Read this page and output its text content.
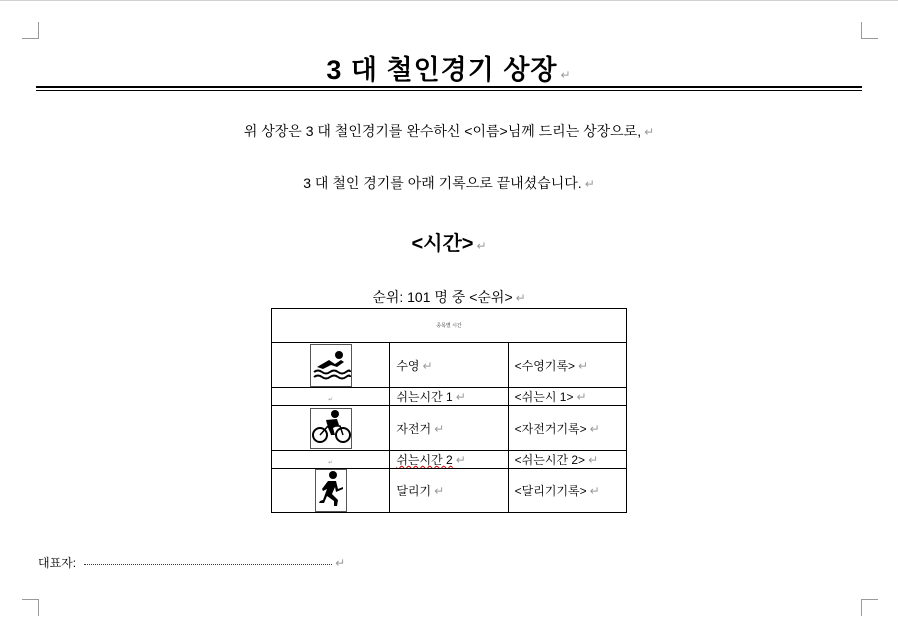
3 대 철인경기 상장 ↵
위 상장은 3 대 철인경기를 완수하신 <이름>님께 드리는 상장으로, ↵
3 대 철인 경기를 아래 기록으로 끝내셨습니다. ↵
<시간> ↵
순위: 101 명 중 <순위> ↵
종목별 시간		
	수영 ↵	<수영기록> ↵
↵	쉬는시간 1 ↵	<쉬는시 1> ↵
	자전거 ↵	<자전거기록> ↵
↵	쉬는시간 2 ↵	<쉬는시간 2> ↵
	달리기 ↵	<달리기기록> ↵
대표자:	↵
